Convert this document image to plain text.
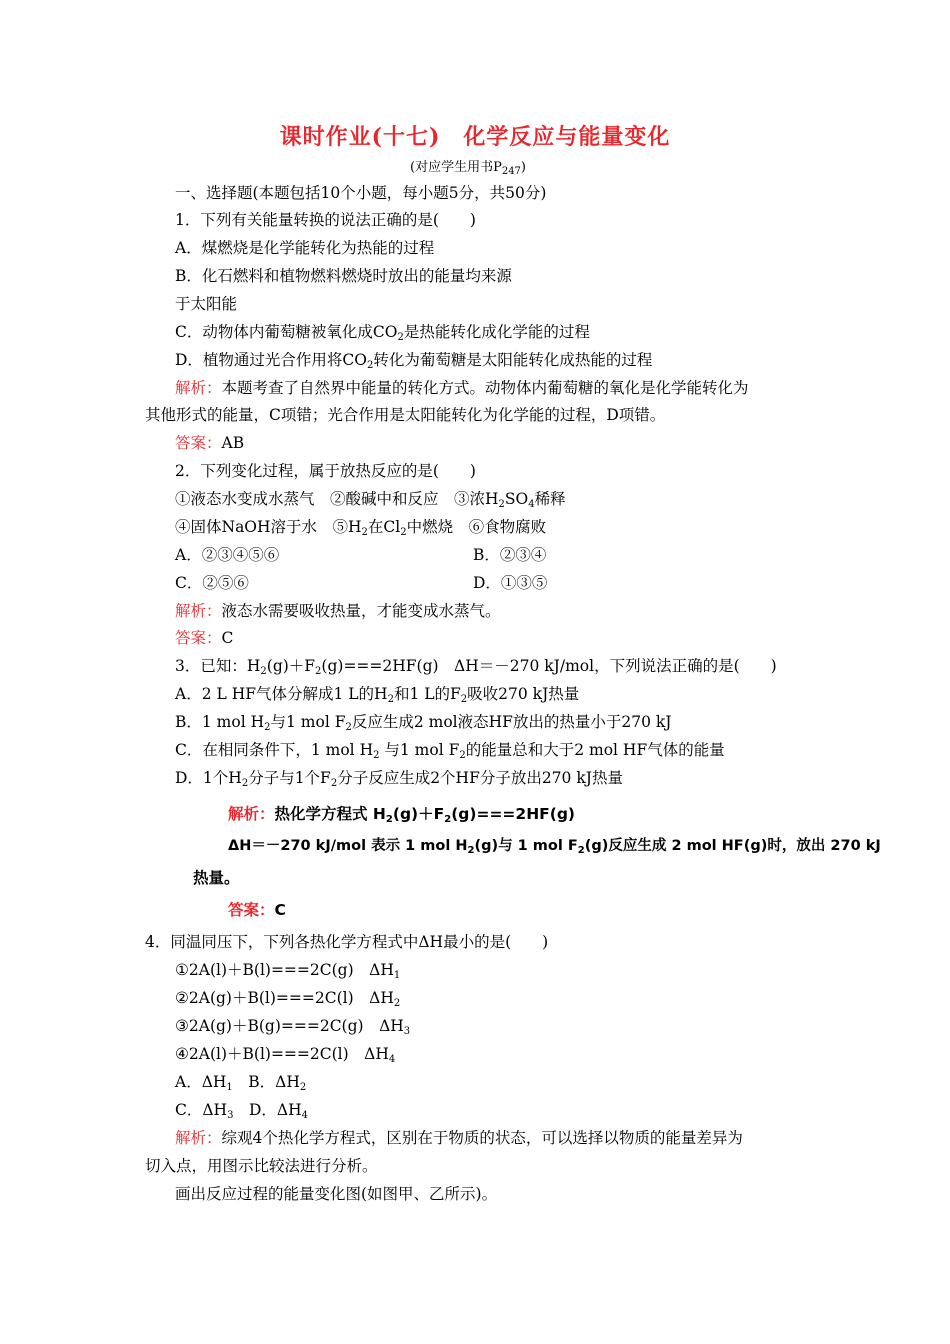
课时作业(十七)　化学反应与能量变化
(对应学生用书$P_{247}$)
一、选择题(本题包括10个小题，每小题5分，共50分)
1．下列有关能量转换的说法正确的是(　　)
A．煤燃烧是化学能转化为热能的过程
B．化石燃料和植物燃料燃烧时放出的能量均来源
于太阳能
C．动物体内葡萄糖被氧化成$CO_2$是热能转化成化学能的过程
D．植物通过光合作用将$CO_2$转化为葡萄糖是太阳能转化成热能的过程
解析：本题考查了自然界中能量的转化方式。动物体内葡萄糖的氧化是化学能转化为
其他形式的能量，C项错；光合作用是太阳能转化为化学能的过程，D项错。
答案：AB
2．下列变化过程，属于放热反应的是(　　)
①液态水变成水蒸气　②酸碱中和反应　③浓$H_2SO_4$稀释
④固体NaOH溶于水　$⑤H_2$在$Cl_2$中燃烧　⑥食物腐败
A．②③④⑤⑥	B．②③④
C．②⑤⑥	D．①③⑤
解析：液态水需要吸收热量，才能变成水蒸气。
答案：C
3．已知：$H_2(g)+F_2(g)===2HF(g)$　ΔH＝－270 kJ/mol，下列说法正确的是(　　)
A．2 L HF气体分解成1 L的$H_2$和1 L的$F_2$吸收270 kJ热量
B．1 mol $H_2$与1 mol $F_2$反应生成2 mol液态HF放出的热量小于270 kJ
C．在相同条件下，1 mol $H_2$ 与1 mol $F_2$的能量总和大于2 mol HF气体的能量
D．1个$H_2$分子与1个$F_2$分子反应生成2个HF分子放出270 kJ热量
解析：热化学方程式 $H_2(g)+F_2(g)===2HF(g)$
ΔH＝－270 kJ/mol 表示 1 mol $H_2(g)$与 1 mol $F_2(g)$反应生成 2 mol HF(g)时，放出 270 kJ
热量。
答案：C
4．同温同压下，下列各热化学方程式中ΔH最小的是(　　)
①2A(l)＋B(l)===2C(g)　$\Delta H_1$
②2A(g)＋B(l)===2C(l)　$\Delta H_2$
③2A(g)＋B(g)===2C(g)　$\Delta H_3$
④2A(l)＋B(l)===2C(l)　$\Delta H_4$
A．$\Delta H_1$　B．$\Delta H_2$
C．$\Delta H_3$　D．$\Delta H_4$
解析：综观4个热化学方程式，区别在于物质的状态，可以选择以物质的能量差异为
切入点，用图示比较法进行分析。
画出反应过程的能量变化图(如图甲、乙所示)。
